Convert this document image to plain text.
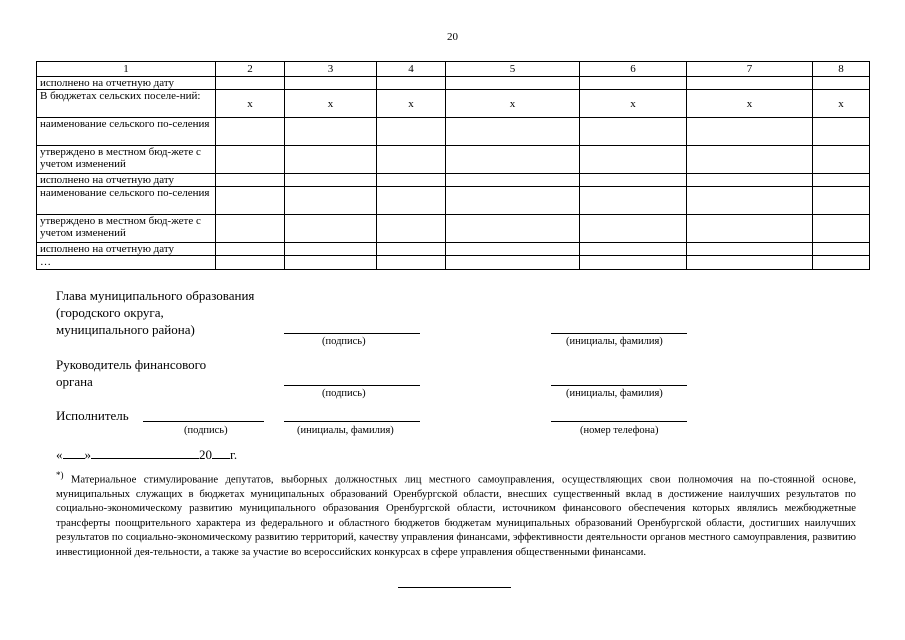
20
1	2	3	4	5	6	7	8
исполнено на отчетную дату							
В бюджетах сельских поселе-ний:	х	х	х	х	х	х	х
наименование сельского по-селения							
утверждено в местном бюд-жете с учетом изменений							
исполнено на отчетную дату							
наименование сельского по-селения							
утверждено в местном бюд-жете с учетом изменений							
исполнено на отчетную дату							
…							
Глава муниципального образования
(городского округа,
муниципального района)
(подпись)	(инициалы, фамилия)
Руководитель финансового
органа
(подпись)	(инициалы, фамилия)
Исполнитель
(подпись)	(инициалы, фамилия)	(номер телефона)
« »	20 г.
*) Материальное стимулирование депутатов, выборных должностных лиц местного самоуправления, осуществляющих свои полномочия на по-стоянной основе, муниципальных служащих в бюджетах муниципальных образований Оренбургской области, внесших существенный вклад в достижение наилучших результатов по социально-экономическому развитию муниципального образования Оренбургской области, источником финансового обеспечения которых являлись межбюджетные трансферты поощрительного характера из федерального и областного бюджетов бюджетам муниципальных образований Оренбургской области, достигших наилучших результатов по социально-экономическому развитию территорий, качеству управления финансами, эффективности деятельности органов местного самоуправления, развитию инвестиционной дея-тельности, а также за участие во всероссийских конкурсах в сфере управления общественными финансами.
